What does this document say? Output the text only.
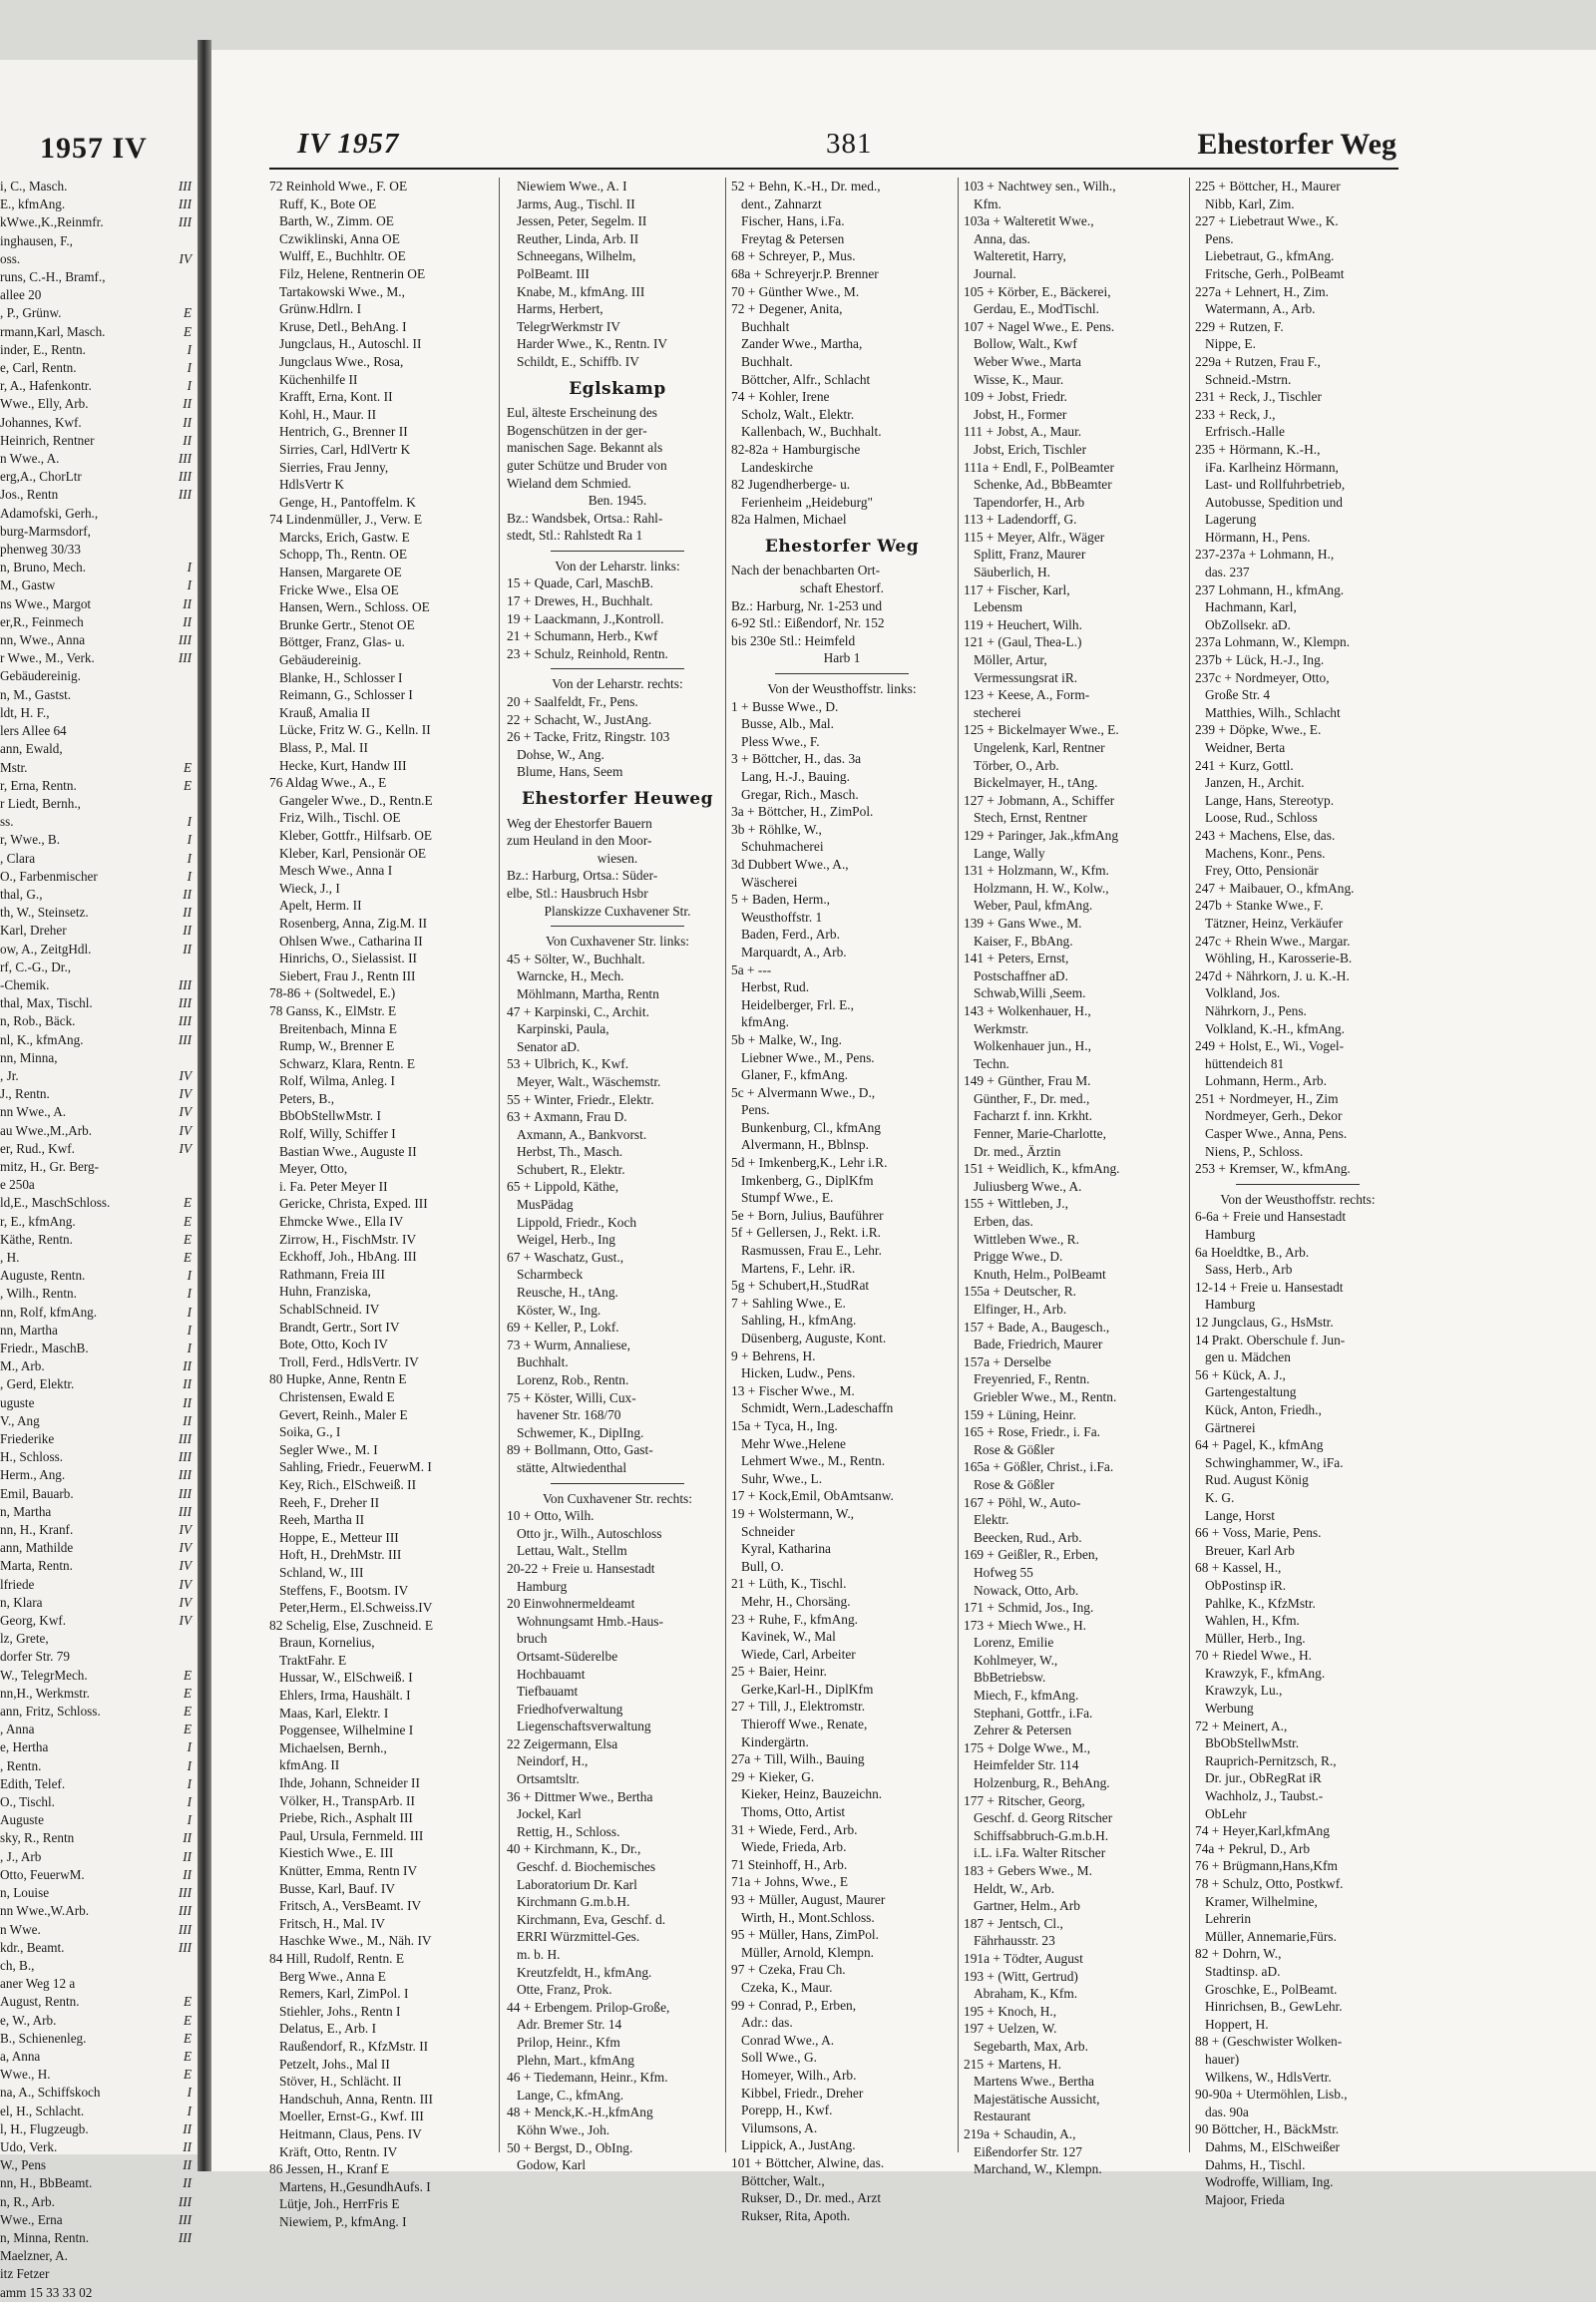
1957 IV
i, C., Masch.	III
E., kfmAng.	III
kWwe.,K.,Reinmfr.	III
inghausen, F.,
oss.	IV
runs, C.-H., Bramf.,
allee 20
, P., Grünw.	E
rmann,Karl, Masch.	E
inder, E., Rentn.	I
e, Carl, Rentn.	I
r, A., Hafenkontr.	I
Wwe., Elly, Arb.	II
Johannes, Kwf.	II
Heinrich, Rentner	II
n Wwe., A.	III
erg,A., ChorLtr	III
Jos., Rentn	III
Adamofski, Gerh.,
burg-Marmsdorf,
phenweg 30/33
n, Bruno, Mech.	I
M., Gastw	I
ns Wwe., Margot	II
er,R., Feinmech	II
nn, Wwe., Anna	III
r Wwe., M., Verk.	III
Gebäudereinig.
n, M., Gastst.
ldt, H. F.,
lers Allee 64
ann, Ewald,
Mstr.	E
r, Erna, Rentn.	E
r Liedt, Bernh.,
ss.	I
r, Wwe., B.	I
, Clara	I
O., Farbenmischer	I
thal, G.,	II
th, W., Steinsetz.	II
Karl, Dreher	II
ow, A., ZeitgHdl.	II
rf, C.-G., Dr.,
-Chemik.	III
thal, Max, Tischl.	III
n, Rob., Bäck.	III
nl, K., kfmAng.	III
nn, Minna,
, Jr.	IV
J., Rentn.	IV
nn Wwe., A.	IV
au Wwe.,M.,Arb.	IV
er, Rud., Kwf.	IV
mitz, H., Gr. Berg-
e 250a
ld,E., MaschSchloss.	E
r, E., kfmAng.	E
Käthe, Rentn.	E
, H.	E
Auguste, Rentn.	I
, Wilh., Rentn.	I
nn, Rolf, kfmAng.	I
nn, Martha	I
Friedr., MaschB.	I
M., Arb.	II
, Gerd, Elektr.	II
uguste	II
V., Ang	II
Friederike	III
H., Schloss.	III
Herm., Ang.	III
Emil, Bauarb.	III
n, Martha	III
nn, H., Kranf.	IV
ann, Mathilde	IV
Marta, Rentn.	IV
lfriede	IV
n, Klara	IV
Georg, Kwf.	IV
lz, Grete,
dorfer Str. 79
W., TelegrMech.	E
nn,H., Werkmstr.	E
ann, Fritz, Schloss.	E
, Anna	E
e, Hertha	I
, Rentn.	I
Edith, Telef.	I
O., Tischl.	I
Auguste	I
sky, R., Rentn	II
, J., Arb	II
Otto, FeuerwM.	II
n, Louise	III
nn Wwe.,W.Arb.	III
n Wwe.	III
kdr., Beamt.	III
ch, B.,
aner Weg 12 a
August, Rentn.	E
e, W., Arb.	E
B., Schienenleg.	E
a, Anna	E
Wwe., H.	E
na, A., Schiffskoch	I
el, H., Schlacht.	I
l, H., Flugzeugb.	II
Udo, Verk.	II
W., Pens	II
nn, H., BbBeamt.	II
n, R., Arb.	III
Wwe., Erna	III
n, Minna, Rentn.	III
Maelzner, A.
itz Fetzer
amm 15 33 33 02
IV 1957	381	Ehestorfer Weg
72 Reinhold Wwe., F. OE
Ruff, K., Bote OE
Barth, W., Zimm. OE
Czwiklinski, Anna OE
Wulff, E., Buchhltr. OE
Filz, Helene, Rentnerin OE
Tartakowski Wwe., M.,
Grünw.Hdlrn. I
Kruse, Detl., BehAng. I
Jungclaus, H., Autoschl. II
Jungclaus Wwe., Rosa,
Küchenhilfe II
Krafft, Erna, Kont. II
Kohl, H., Maur. II
Hentrich, G., Brenner II
Sirries, Carl, HdlVertr K
Sierries, Frau Jenny,
HdlsVertr K
Genge, H., Pantoffelm. K
74 Lindenmüller, J., Verw. E
Marcks, Erich, Gastw. E
Schopp, Th., Rentn. OE
Hansen, Margarete OE
Fricke Wwe., Elsa OE
Hansen, Wern., Schloss. OE
Brunke Gertr., Stenot OE
Böttger, Franz, Glas- u.
Gebäudereinig.
Blanke, H., Schlosser I
Reimann, G., Schlosser I
Krauß, Amalia II
Lücke, Fritz W. G., Kelln. II
Blass, P., Mal. II
Hecke, Kurt, Handw III
76 Aldag Wwe., A., E
Gangeler Wwe., D., Rentn.E
Friz, Wilh., Tischl. OE
Kleber, Gottfr., Hilfsarb. OE
Kleber, Karl, Pensionär OE
Mesch Wwe., Anna I
Wieck, J., I
Apelt, Herm. II
Rosenberg, Anna, Zig.M. II
Ohlsen Wwe., Catharina II
Hinrichs, O., Sielassist. II
Siebert, Frau J., Rentn III
78-86 + (Soltwedel, E.)
78 Ganss, K., ElMstr. E
Breitenbach, Minna E
Rump, W., Brenner E
Schwarz, Klara, Rentn. E
Rolf, Wilma, Anleg. I
Peters, B.,
BbObStellwMstr. I
Rolf, Willy, Schiffer I
Bastian Wwe., Auguste II
Meyer, Otto,
i. Fa. Peter Meyer II
Gericke, Christa, Exped. III
Ehmcke Wwe., Ella IV
Zirrow, H., FischMstr. IV
Eckhoff, Joh., HbAng. III
Rathmann, Freia III
Huhn, Franziska,
SchablSchneid. IV
Brandt, Gertr., Sort IV
Bote, Otto, Koch IV
Troll, Ferd., HdlsVertr. IV
80 Hupke, Anne, Rentn E
Christensen, Ewald E
Gevert, Reinh., Maler E
Soika, G., I
Segler Wwe., M. I
Sahling, Friedr., FeuerwM. I
Key, Rich., ElSchweiß. II
Reeh, F., Dreher II
Reeh, Martha II
Hoppe, E., Metteur III
Hoft, H., DrehMstr. III
Schland, W., III
Steffens, F., Bootsm. IV
Peter,Herm., El.Schweiss.IV
82 Schelig, Else, Zuschneid. E
Braun, Kornelius,
TraktFahr. E
Hussar, W., ElSchweiß. I
Ehlers, Irma, Haushält. I
Maas, Karl, Elektr. I
Poggensee, Wilhelmine I
Michaelsen, Bernh.,
kfmAng. II
Ihde, Johann, Schneider II
Völker, H., TranspArb. II
Priebe, Rich., Asphalt III
Paul, Ursula, Fernmeld. III
Kiestich Wwe., E. III
Knütter, Emma, Rentn IV
Busse, Karl, Bauf. IV
Fritsch, A., VersBeamt. IV
Fritsch, H., Mal. IV
Haschke Wwe., M., Näh. IV
84 Hill, Rudolf, Rentn. E
Berg Wwe., Anna E
Remers, Karl, ZimPol. I
Stiehler, Johs., Rentn I
Delatus, E., Arb. I
Raußendorf, R., KfzMstr. II
Petzelt, Johs., Mal II
Stöver, H., Schlächt. II
Handschuh, Anna, Rentn. III
Moeller, Ernst-G., Kwf. III
Heitmann, Claus, Pens. IV
Kräft, Otto, Rentn. IV
86 Jessen, H., Kranf E
Martens, H.,GesundhAufs. I
Lütje, Joh., HerrFris E
Niewiem, P., kfmAng. I
Niewiem Wwe., A. I
Jarms, Aug., Tischl. II
Jessen, Peter, Segelm. II
Reuther, Linda, Arb. II
Schneegans, Wilhelm,
PolBeamt. III
Knabe, M., kfmAng. III
Harms, Herbert,
TelegrWerkmstr IV
Harder Wwe., K., Rentn. IV
Schildt, E., Schiffb. IV
Eglskamp
Eul, älteste Erscheinung des
Bogenschützen in der ger-
manischen Sage. Bekannt als
guter Schütze und Bruder von
Wieland dem Schmied.
Ben. 1945.
Bz.: Wandsbek, Ortsa.: Rahl-
stedt, Stl.: Rahlstedt Ra 1
Von der Leharstr. links:
15 + Quade, Carl, MaschB.
17 + Drewes, H., Buchhalt.
19 + Laackmann, J.,Kontroll.
21 + Schumann, Herb., Kwf
23 + Schulz, Reinhold, Rentn.
Von der Leharstr. rechts:
20 + Saalfeldt, Fr., Pens.
22 + Schacht, W., JustAng.
26 + Tacke, Fritz, Ringstr. 103
Dohse, W., Ang.
Blume, Hans, Seem
Ehestorfer Heuweg
Weg der Ehestorfer Bauern
zum Heuland in den Moor-
wiesen.
Bz.: Harburg, Ortsa.: Süder-
elbe, Stl.: Hausbruch Hsbr
Planskizze Cuxhavener Str.
Von Cuxhavener Str. links:
45 + Sölter, W., Buchhalt.
Warncke, H., Mech.
Möhlmann, Martha, Rentn
47 + Karpinski, C., Archit.
Karpinski, Paula,
Senator aD.
53 + Ulbrich, K., Kwf.
Meyer, Walt., Wäschemstr.
55 + Winter, Friedr., Elektr.
63 + Axmann, Frau D.
Axmann, A., Bankvorst.
Herbst, Th., Masch.
Schubert, R., Elektr.
65 + Lippold, Käthe,
MusPädag
Lippold, Friedr., Koch
Weigel, Herb., Ing
67 + Waschatz, Gust.,
Scharmbeck
Reusche, H., tAng.
Köster, W., Ing.
69 + Keller, P., Lokf.
73 + Wurm, Annaliese,
Buchhalt.
Lorenz, Rob., Rentn.
75 + Köster, Willi, Cux-
havener Str. 168/70
Schwemer, K., DiplIng.
89 + Bollmann, Otto, Gast-
stätte, Altwiedenthal
Von Cuxhavener Str. rechts:
10 + Otto, Wilh.
Otto jr., Wilh., Autoschloss
Lettau, Walt., Stellm
20-22 + Freie u. Hansestadt
Hamburg
20 Einwohnermeldeamt
Wohnungsamt Hmb.-Haus-
bruch
Ortsamt-Süderelbe
Hochbauamt
Tiefbauamt
Friedhofverwaltung
Liegenschaftsverwaltung
22 Zeigermann, Elsa
Neindorf, H.,
Ortsamtsltr.
36 + Dittmer Wwe., Bertha
Jockel, Karl
Rettig, H., Schloss.
40 + Kirchmann, K., Dr.,
Geschf. d. Biochemisches
Laboratorium Dr. Karl
Kirchmann G.m.b.H.
Kirchmann, Eva, Geschf. d.
ERRI Würzmittel-Ges.
m. b. H.
Kreutzfeldt, H., kfmAng.
Otte, Franz, Prok.
44 + Erbengem. Prilop-Große,
Adr. Bremer Str. 14
Prilop, Heinr., Kfm
Plehn, Mart., kfmAng
46 + Tiedemann, Heinr., Kfm.
Lange, C., kfmAng.
48 + Menck,K.-H.,kfmAng
Köhn Wwe., Joh.
50 + Bergst, D., ObIng.
Godow, Karl
52 + Behn, K.-H., Dr. med.,
dent., Zahnarzt
Fischer, Hans, i.Fa.
Freytag & Petersen
68 + Schreyer, P., Mus.
68a + Schreyerjr.P. Brenner
70 + Günther Wwe., M.
72 + Degener, Anita,
Buchhalt
Zander Wwe., Martha,
Buchhalt.
Böttcher, Alfr., Schlacht
74 + Kohler, Irene
Scholz, Walt., Elektr.
Kallenbach, W., Buchhalt.
82-82a + Hamburgische
Landeskirche
82 Jugendherberge- u.
Ferienheim „Heideburg"
82a Halmen, Michael
Ehestorfer Weg
Nach der benachbarten Ort-
schaft Ehestorf.
Bz.: Harburg, Nr. 1-253 und
6-92 Stl.: Eißendorf, Nr. 152
bis 230e Stl.: Heimfeld
Harb 1
Von der Weusthoffstr. links:
1 + Busse Wwe., D.
Busse, Alb., Mal.
Pless Wwe., F.
3 + Böttcher, H., das. 3a
Lang, H.-J., Bauing.
Gregar, Rich., Masch.
3a + Böttcher, H., ZimPol.
3b + Röhlke, W.,
Schuhmacherei
3d Dubbert Wwe., A.,
Wäscherei
5 + Baden, Herm.,
Weusthoffstr. 1
Baden, Ferd., Arb.
Marquardt, A., Arb.
5a + ---
Herbst, Rud.
Heidelberger, Frl. E.,
kfmAng.
5b + Malke, W., Ing.
Liebner Wwe., M., Pens.
Glaner, F., kfmAng.
5c + Alvermann Wwe., D.,
Pens.
Bunkenburg, Cl., kfmAng
Alvermann, H., Bblnsp.
5d + Imkenberg,K., Lehr i.R.
Imkenberg, G., DiplKfm
Stumpf Wwe., E.
5e + Born, Julius, Bauführer
5f + Gellersen, J., Rekt. i.R.
Rasmussen, Frau E., Lehr.
Martens, F., Lehr. iR.
5g + Schubert,H.,StudRat
7 + Sahling Wwe., E.
Sahling, H., kfmAng.
Düsenberg, Auguste, Kont.
9 + Behrens, H.
Hicken, Ludw., Pens.
13 + Fischer Wwe., M.
Schmidt, Wern.,Ladeschaffn
15a + Tyca, H., Ing.
Mehr Wwe.,Helene
Lehmert Wwe., M., Rentn.
Suhr, Wwe., L.
17 + Kock,Emil, ObAmtsanw.
19 + Wolstermann, W.,
Schneider
Kyral, Katharina
Bull, O.
21 + Lüth, K., Tischl.
Mehr, H., Chorsäng.
23 + Ruhe, F., kfmAng.
Kavinek, W., Mal
Wiede, Carl, Arbeiter
25 + Baier, Heinr.
Gerke,Karl-H., DiplKfm
27 + Till, J., Elektromstr.
Thieroff Wwe., Renate,
Kindergärtn.
27a + Till, Wilh., Bauing
29 + Kieker, G.
Kieker, Heinz, Bauzeichn.
Thoms, Otto, Artist
31 + Wiede, Ferd., Arb.
Wiede, Frieda, Arb.
71 Steinhoff, H., Arb.
71a + Johns, Wwe., E
93 + Müller, August, Maurer
Wirth, H., Mont.Schloss.
95 + Müller, Hans, ZimPol.
Müller, Arnold, Klempn.
97 + Czeka, Frau Ch.
Czeka, K., Maur.
99 + Conrad, P., Erben,
Adr.: das.
Conrad Wwe., A.
Soll Wwe., G.
Homeyer, Wilh., Arb.
Kibbel, Friedr., Dreher
Porepp, H., Kwf.
Vilumsons, A.
Lippick, A., JustAng.
101 + Böttcher, Alwine, das.
Böttcher, Walt.,
Rukser, D., Dr. med., Arzt
Rukser, Rita, Apoth.
103 + Nachtwey sen., Wilh.,
Kfm.
103a + Walteretit Wwe.,
Anna, das.
Walteretit, Harry,
Journal.
105 + Körber, E., Bäckerei,
Gerdau, E., ModTischl.
107 + Nagel Wwe., E. Pens.
Bollow, Walt., Kwf
Weber Wwe., Marta
Wisse, K., Maur.
109 + Jobst, Friedr.
Jobst, H., Former
111 + Jobst, A., Maur.
Jobst, Erich, Tischler
111a + Endl, F., PolBeamter
Schenke, Ad., BbBeamter
Tapendorfer, H., Arb
113 + Ladendorff, G.
115 + Meyer, Alfr., Wäger
Splitt, Franz, Maurer
Säuberlich, H.
117 + Fischer, Karl,
Lebensm
119 + Heuchert, Wilh.
121 + (Gaul, Thea-L.)
Möller, Artur,
Vermessungsrat iR.
123 + Keese, A., Form-
stecherei
125 + Bickelmayer Wwe., E.
Ungelenk, Karl, Rentner
Törber, O., Arb.
Bickelmayer, H., tAng.
127 + Jobmann, A., Schiffer
Stech, Ernst, Rentner
129 + Paringer, Jak.,kfmAng
Lange, Wally
131 + Holzmann, W., Kfm.
Holzmann, H. W., Kolw.,
Weber, Paul, kfmAng.
139 + Gans Wwe., M.
Kaiser, F., BbAng.
141 + Peters, Ernst,
Postschaffner aD.
Schwab,Willi ,Seem.
143 + Wolkenhauer, H.,
Werkmstr.
Wolkenhauer jun., H.,
Techn.
149 + Günther, Frau M.
Günther, F., Dr. med.,
Facharzt f. inn. Krkht.
Fenner, Marie-Charlotte,
Dr. med., Ärztin
151 + Weidlich, K., kfmAng.
Juliusberg Wwe., A.
155 + Wittleben, J.,
Erben, das.
Wittleben Wwe., R.
Prigge Wwe., D.
Knuth, Helm., PolBeamt
155a + Deutscher, R.
Elfinger, H., Arb.
157 + Bade, A., Baugesch.,
Bade, Friedrich, Maurer
157a + Derselbe
Freyenried, F., Rentn.
Griebler Wwe., M., Rentn.
159 + Lüning, Heinr.
165 + Rose, Friedr., i. Fa.
Rose & Gößler
165a + Gößler, Christ., i.Fa.
Rose & Gößler
167 + Pöhl, W., Auto-
Elektr.
Beecken, Rud., Arb.
169 + Geißler, R., Erben,
Hofweg 55
Nowack, Otto, Arb.
171 + Schmid, Jos., Ing.
173 + Miech Wwe., H.
Lorenz, Emilie
Kohlmeyer, W.,
BbBetriebsw.
Miech, F., kfmAng.
Stephani, Gottfr., i.Fa.
Zehrer & Petersen
175 + Dolge Wwe., M.,
Heimfelder Str. 114
Holzenburg, R., BehAng.
177 + Ritscher, Georg,
Geschf. d. Georg Ritscher
Schiffsabbruch-G.m.b.H.
i.L. i.Fa. Walter Ritscher
183 + Gebers Wwe., M.
Heldt, W., Arb.
Gartner, Helm., Arb
187 + Jentsch, Cl.,
Fährhausstr. 23
191a + Tödter, August
193 + (Witt, Gertrud)
Abraham, K., Kfm.
195 + Knoch, H.,
197 + Uelzen, W.
Segebarth, Max, Arb.
215 + Martens, H.
Martens Wwe., Bertha
Majestätische Aussicht,
Restaurant
219a + Schaudin, A.,
Eißendorfer Str. 127
Marchand, W., Klempn.
225 + Böttcher, H., Maurer
Nibb, Karl, Zim.
227 + Liebetraut Wwe., K.
Pens.
Liebetraut, G., kfmAng.
Fritsche, Gerh., PolBeamt
227a + Lehnert, H., Zim.
Watermann, A., Arb.
229 + Rutzen, F.
Nippe, E.
229a + Rutzen, Frau F.,
Schneid.-Mstrn.
231 + Reck, J., Tischler
233 + Reck, J.,
Erfrisch.-Halle
235 + Hörmann, K.-H.,
iFa. Karlheinz Hörmann,
Last- und Rollfuhrbetrieb,
Autobusse, Spedition und
Lagerung
Hörmann, H., Pens.
237-237a + Lohmann, H.,
das. 237
237 Lohmann, H., kfmAng.
Hachmann, Karl,
ObZollsekr. aD.
237a Lohmann, W., Klempn.
237b + Lück, H.-J., Ing.
237c + Nordmeyer, Otto,
Große Str. 4
Matthies, Wilh., Schlacht
239 + Döpke, Wwe., E.
Weidner, Berta
241 + Kurz, Gottl.
Janzen, H., Archit.
Lange, Hans, Stereotyp.
Loose, Rud., Schloss
243 + Machens, Else, das.
Machens, Konr., Pens.
Frey, Otto, Pensionär
247 + Maibauer, O., kfmAng.
247b + Stanke Wwe., F.
Tätzner, Heinz, Verkäufer
247c + Rhein Wwe., Margar.
Wöhling, H., Karosserie-B.
247d + Nährkorn, J. u. K.-H.
Volkland, Jos.
Nährkorn, J., Pens.
Volkland, K.-H., kfmAng.
249 + Holst, E., Wi., Vogel-
hüttendeich 81
Lohmann, Herm., Arb.
251 + Nordmeyer, H., Zim
Nordmeyer, Gerh., Dekor
Casper Wwe., Anna, Pens.
Niens, P., Schloss.
253 + Kremser, W., kfmAng.
Von der Weusthoffstr. rechts:
6-6a + Freie und Hansestadt
Hamburg
6a Hoeldtke, B., Arb.
Sass, Herb., Arb
12-14 + Freie u. Hansestadt
Hamburg
12 Jungclaus, G., HsMstr.
14 Prakt. Oberschule f. Jun-
gen u. Mädchen
56 + Kück, A. J.,
Gartengestaltung
Kück, Anton, Friedh.,
Gärtnerei
64 + Pagel, K., kfmAng
Schwinghammer, W., iFa.
Rud. August König
K. G.
Lange, Horst
66 + Voss, Marie, Pens.
Breuer, Karl Arb
68 + Kassel, H.,
ObPostinsp iR.
Pahlke, K., KfzMstr.
Wahlen, H., Kfm.
Müller, Herb., Ing.
70 + Riedel Wwe., H.
Krawzyk, F., kfmAng.
Krawzyk, Lu.,
Werbung
72 + Meinert, A.,
BbObStellwMstr.
Rauprich-Pernitzsch, R.,
Dr. jur., ObRegRat iR
Wachholz, J., Taubst.-
ObLehr
74 + Heyer,Karl,kfmAng
74a + Pekrul, D., Arb
76 + Brügmann,Hans,Kfm
78 + Schulz, Otto, Postkwf.
Kramer, Wilhelmine,
Lehrerin
Müller, Annemarie,Fürs.
82 + Dohrn, W.,
Stadtinsp. aD.
Groschke, E., PolBeamt.
Hinrichsen, B., GewLehr.
Hoppert, H.
88 + (Geschwister Wolken-
hauer)
Wilkens, W., HdlsVertr.
90-90a + Utermöhlen, Lisb.,
das. 90a
90 Böttcher, H., BäckMstr.
Dahms, M., ElSchweißer
Dahms, H., Tischl.
Wodroffe, William, Ing.
Majoor, Frieda
